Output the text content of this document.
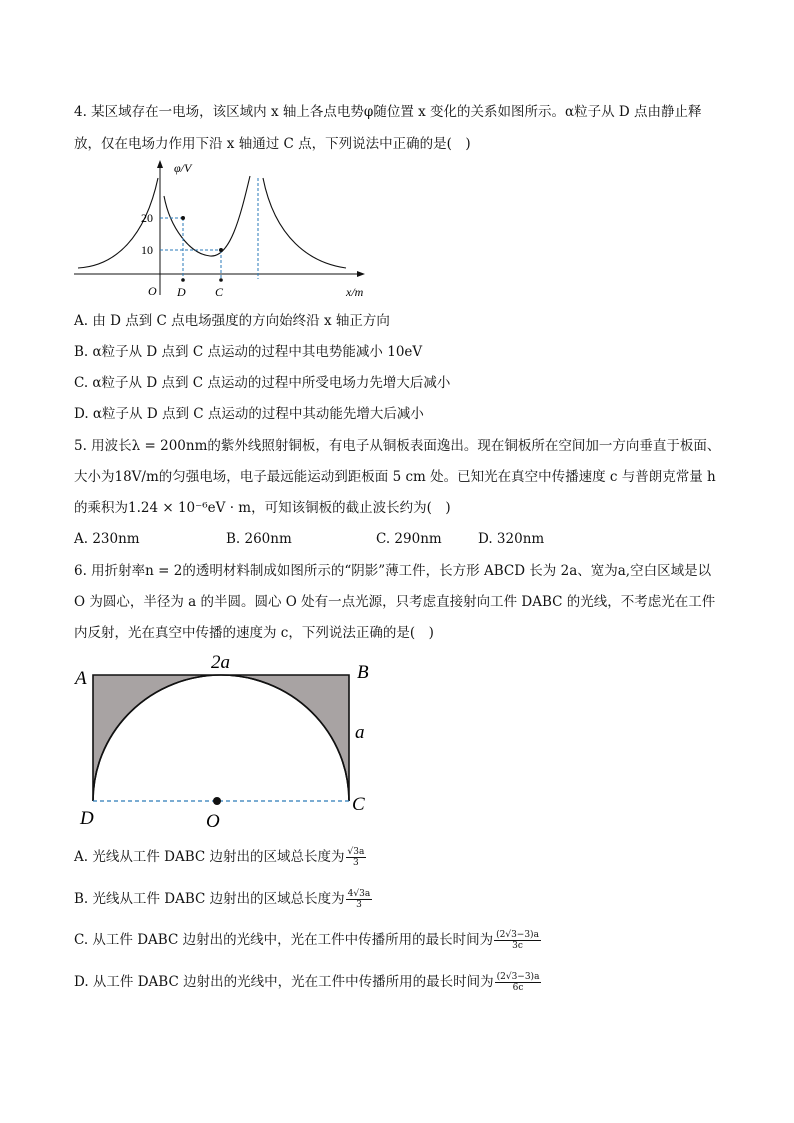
4. 某区域存在一电场，该区域内 x 轴上各点电势φ随位置 x 变化的关系如图所示。α粒子从 D 点由静止释
放，仅在电场力作用下沿 x 轴通过 C 点，下列说法中正确的是(　)
φ/V
20
10
O D C	x/m
A. 由 D 点到 C 点电场强度的方向始终沿 x 轴正方向
B. α粒子从 D 点到 C 点运动的过程中其电势能减小 10eV
C. α粒子从 D 点到 C 点运动的过程中所受电场力先增大后减小
D. α粒子从 D 点到 C 点运动的过程中其动能先增大后减小
5. 用波长λ = 200nm的紫外线照射铜板，有电子从铜板表面逸出。现在铜板所在空间加一方向垂直于板面、
大小为18V/m的匀强电场，电子最远能运动到距板面 5 cm 处。已知光在真空中传播速度 c 与普朗克常量 h
的乘积为1.24 × 10⁻⁶eV · m，可知该铜板的截止波长约为(　)
A. 230nm	B. 260nm	C. 290nm	D. 320nm
6. 用折射率n = 2的透明材料制成如图所示的“阴影”薄工件，长方形 ABCD 长为 2a、宽为a,空白区域是以
O 为圆心，半径为 a 的半圆。圆心 O 处有一点光源，只考虑直接射向工件 DABC 的光线，不考虑光在工件
内反射，光在真空中传播的速度为 c，下列说法正确的是(　)
A	B
C
D	O
2a
a
A. 光线从工件 DABC 边射出的区域总长度为 $\frac{√3a}{3}$
B. 光线从工件 DABC 边射出的区域总长度为 $\frac{4√3a}{3}$
C. 从工件 DABC 边射出的光线中，光在工件中传播所用的最长时间为 $\frac{(2√3-3)a}{3c}$
D. 从工件 DABC 边射出的光线中，光在工件中传播所用的最长时间为 $\frac{(2√3-3)a}{6c}$
